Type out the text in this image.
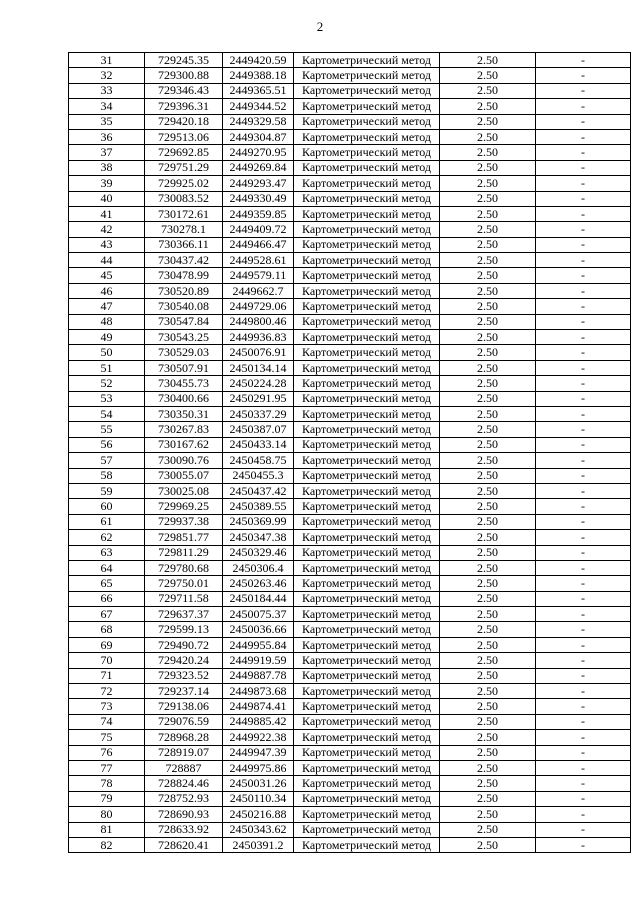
2
31	729245.35	2449420.59	Картометрический метод	2.50	-
32	729300.88	2449388.18	Картометрический метод	2.50	-
33	729346.43	2449365.51	Картометрический метод	2.50	-
34	729396.31	2449344.52	Картометрический метод	2.50	-
35	729420.18	2449329.58	Картометрический метод	2.50	-
36	729513.06	2449304.87	Картометрический метод	2.50	-
37	729692.85	2449270.95	Картометрический метод	2.50	-
38	729751.29	2449269.84	Картометрический метод	2.50	-
39	729925.02	2449293.47	Картометрический метод	2.50	-
40	730083.52	2449330.49	Картометрический метод	2.50	-
41	730172.61	2449359.85	Картометрический метод	2.50	-
42	730278.1	2449409.72	Картометрический метод	2.50	-
43	730366.11	2449466.47	Картометрический метод	2.50	-
44	730437.42	2449528.61	Картометрический метод	2.50	-
45	730478.99	2449579.11	Картометрический метод	2.50	-
46	730520.89	2449662.7	Картометрический метод	2.50	-
47	730540.08	2449729.06	Картометрический метод	2.50	-
48	730547.84	2449800.46	Картометрический метод	2.50	-
49	730543.25	2449936.83	Картометрический метод	2.50	-
50	730529.03	2450076.91	Картометрический метод	2.50	-
51	730507.91	2450134.14	Картометрический метод	2.50	-
52	730455.73	2450224.28	Картометрический метод	2.50	-
53	730400.66	2450291.95	Картометрический метод	2.50	-
54	730350.31	2450337.29	Картометрический метод	2.50	-
55	730267.83	2450387.07	Картометрический метод	2.50	-
56	730167.62	2450433.14	Картометрический метод	2.50	-
57	730090.76	2450458.75	Картометрический метод	2.50	-
58	730055.07	2450455.3	Картометрический метод	2.50	-
59	730025.08	2450437.42	Картометрический метод	2.50	-
60	729969.25	2450389.55	Картометрический метод	2.50	-
61	729937.38	2450369.99	Картометрический метод	2.50	-
62	729851.77	2450347.38	Картометрический метод	2.50	-
63	729811.29	2450329.46	Картометрический метод	2.50	-
64	729780.68	2450306.4	Картометрический метод	2.50	-
65	729750.01	2450263.46	Картометрический метод	2.50	-
66	729711.58	2450184.44	Картометрический метод	2.50	-
67	729637.37	2450075.37	Картометрический метод	2.50	-
68	729599.13	2450036.66	Картометрический метод	2.50	-
69	729490.72	2449955.84	Картометрический метод	2.50	-
70	729420.24	2449919.59	Картометрический метод	2.50	-
71	729323.52	2449887.78	Картометрический метод	2.50	-
72	729237.14	2449873.68	Картометрический метод	2.50	-
73	729138.06	2449874.41	Картометрический метод	2.50	-
74	729076.59	2449885.42	Картометрический метод	2.50	-
75	728968.28	2449922.38	Картометрический метод	2.50	-
76	728919.07	2449947.39	Картометрический метод	2.50	-
77	728887	2449975.86	Картометрический метод	2.50	-
78	728824.46	2450031.26	Картометрический метод	2.50	-
79	728752.93	2450110.34	Картометрический метод	2.50	-
80	728690.93	2450216.88	Картометрический метод	2.50	-
81	728633.92	2450343.62	Картометрический метод	2.50	-
82	728620.41	2450391.2	Картометрический метод	2.50	-
